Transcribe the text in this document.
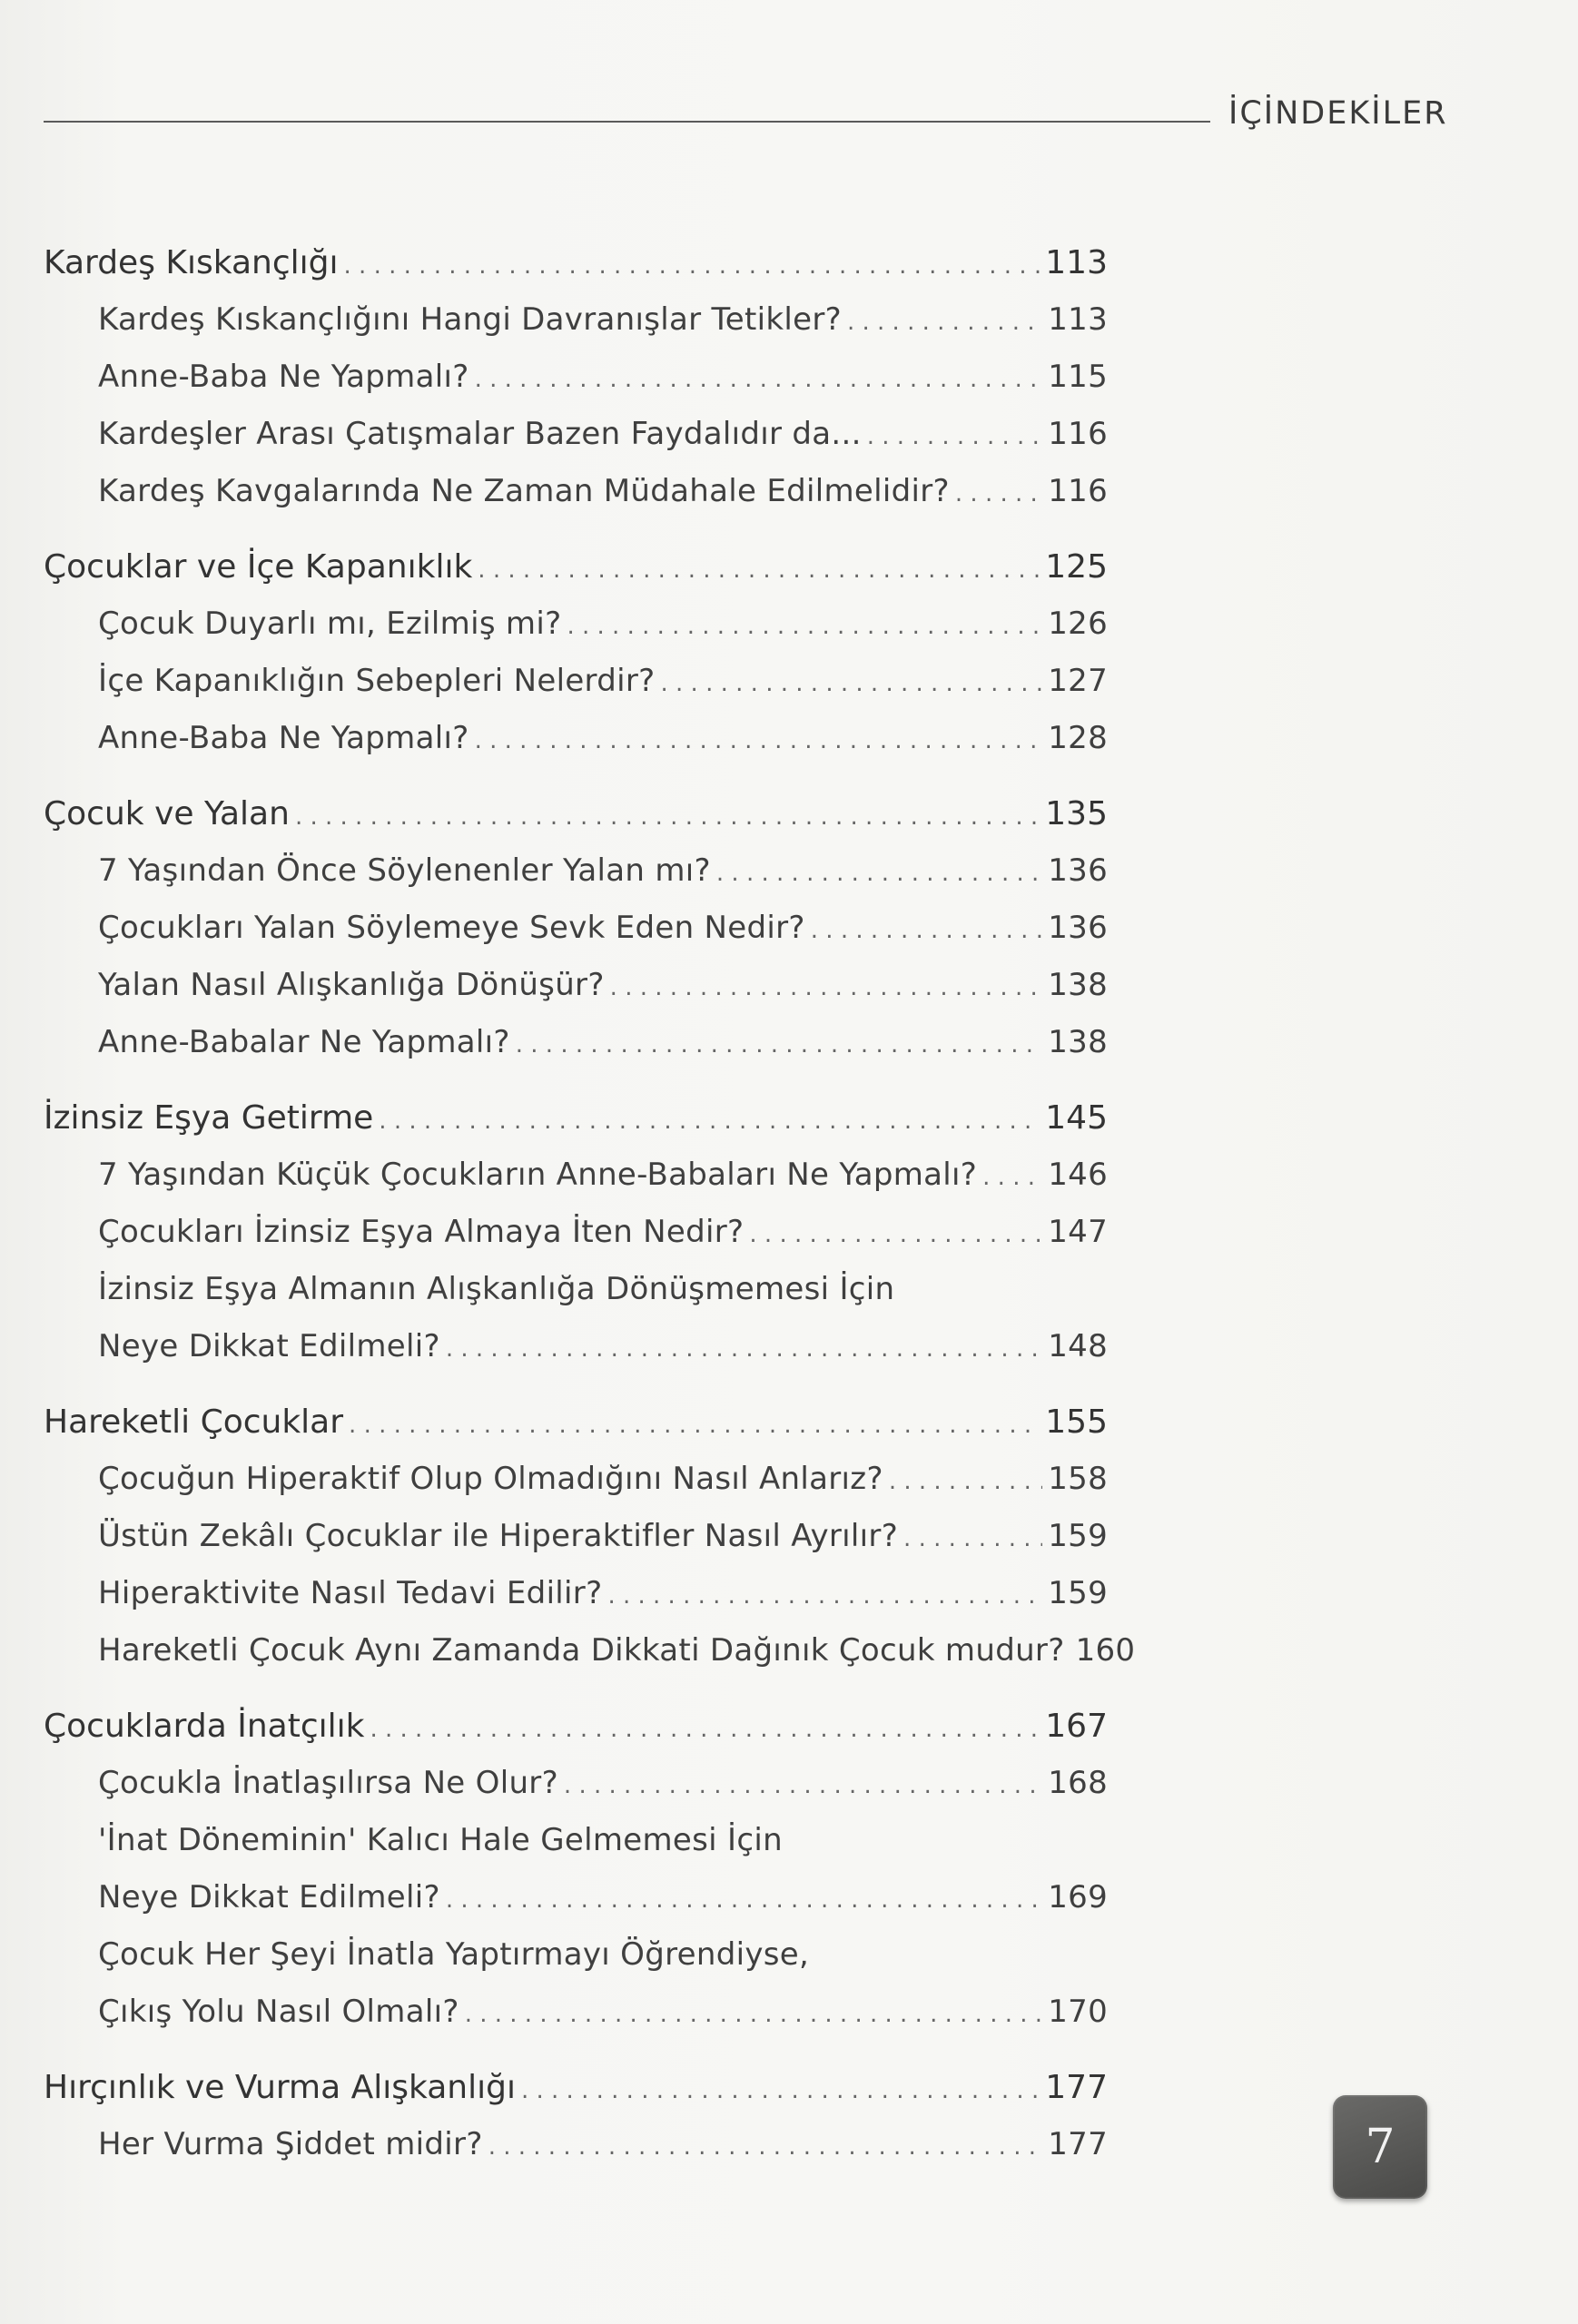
İÇİNDEKİLER
Kardeş Kıskançlığı . . .	113
Kardeş Kıskançlığını Hangi Davranışlar Tetikler? . . .	113
Anne-Baba Ne Yapmalı? . . .	115
Kardeşler Arası Çatışmalar Bazen Faydalıdır da... . . .	116
Kardeş Kavgalarında Ne Zaman Müdahale Edilmelidir? . . .	116
Çocuklar ve İçe Kapanıklık . . .	125
Çocuk Duyarlı mı, Ezilmiş mi? . . .	126
İçe Kapanıklığın Sebepleri Nelerdir? . . .	127
Anne-Baba Ne Yapmalı? . . .	128
Çocuk ve Yalan . . .	135
7 Yaşından Önce Söylenenler Yalan mı? . . .	136
Çocukları Yalan Söylemeye Sevk Eden Nedir? . . .	136
Yalan Nasıl Alışkanlığa Dönüşür? . . .	138
Anne-Babalar Ne Yapmalı? . . .	138
İzinsiz Eşya Getirme . . .	145
7 Yaşından Küçük Çocukların Anne-Babaları Ne Yapmalı? . . . 146
Çocukları İzinsiz Eşya Almaya İten Nedir? . . .	147
İzinsiz Eşya Almanın Alışkanlığa Dönüşmemesi İçin
Neye Dikkat Edilmeli? . . .	148
Hareketli Çocuklar . . .	155
Çocuğun Hiperaktif Olup Olmadığını Nasıl Anlarız? . . .	158
Üstün Zekâlı Çocuklar ile Hiperaktifler Nasıl Ayrılır? . . .	159
Hiperaktivite Nasıl Tedavi Edilir? . . .	159
Hareketli Çocuk Aynı Zamanda Dikkati Dağınık Çocuk mudur? 160
Çocuklarda İnatçılık . . .	167
Çocukla İnatlaşılırsa Ne Olur? . . .	168
'İnat Döneminin' Kalıcı Hale Gelmemesi İçin
Neye Dikkat Edilmeli? . . .	169
Çocuk Her Şeyi İnatla Yaptırmayı Öğrendiyse,
Çıkış Yolu Nasıl Olmalı? . . .	170
Hırçınlık ve Vurma Alışkanlığı . . .	177
Her Vurma Şiddet midir? . . .	177	7
